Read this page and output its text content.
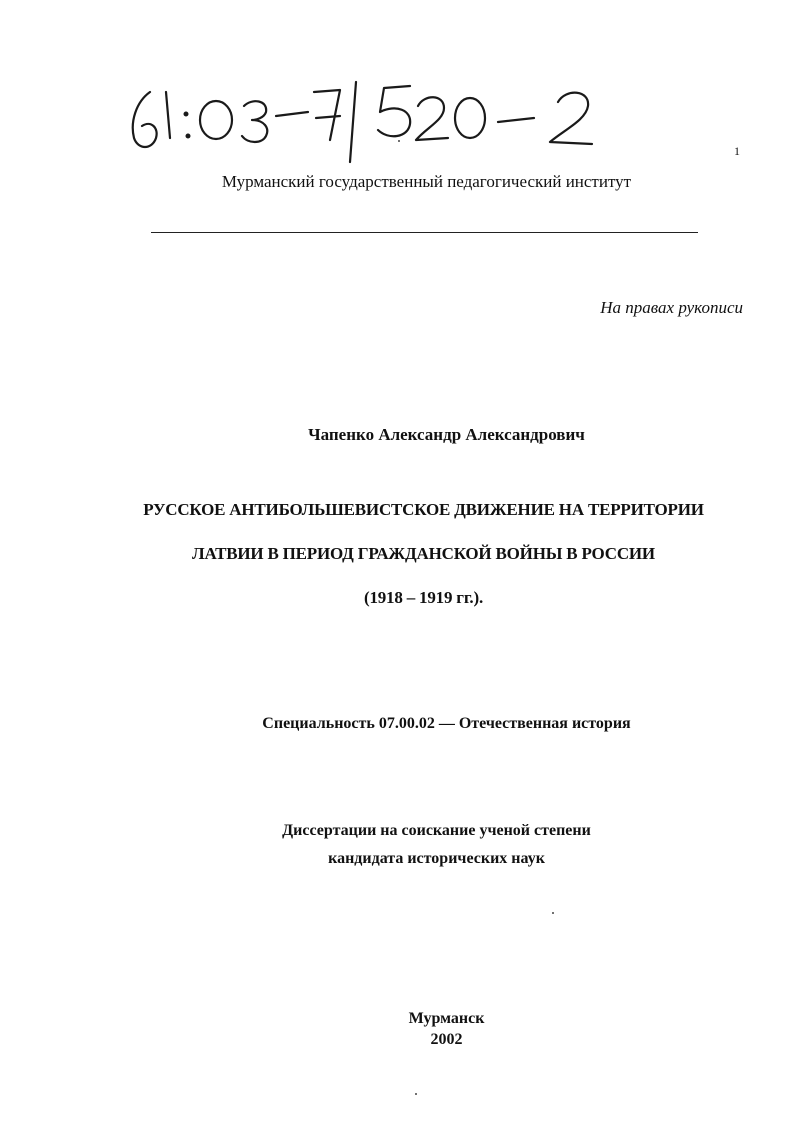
1
Мурманский государственный педагогический институт
На правах рукописи
Чапенко Александр Александрович
РУССКОЕ АНТИБОЛЬШЕВИСТСКОЕ ДВИЖЕНИЕ НА ТЕРРИТОРИИ
ЛАТВИИ В ПЕРИОД ГРАЖДАНСКОЙ ВОЙНЫ В РОССИИ
(1918 – 1919 гг.).
Специальность 07.00.02 — Отечественная история
Диссертации на соискание ученой степени
кандидата исторических наук
Мурманск
2002
